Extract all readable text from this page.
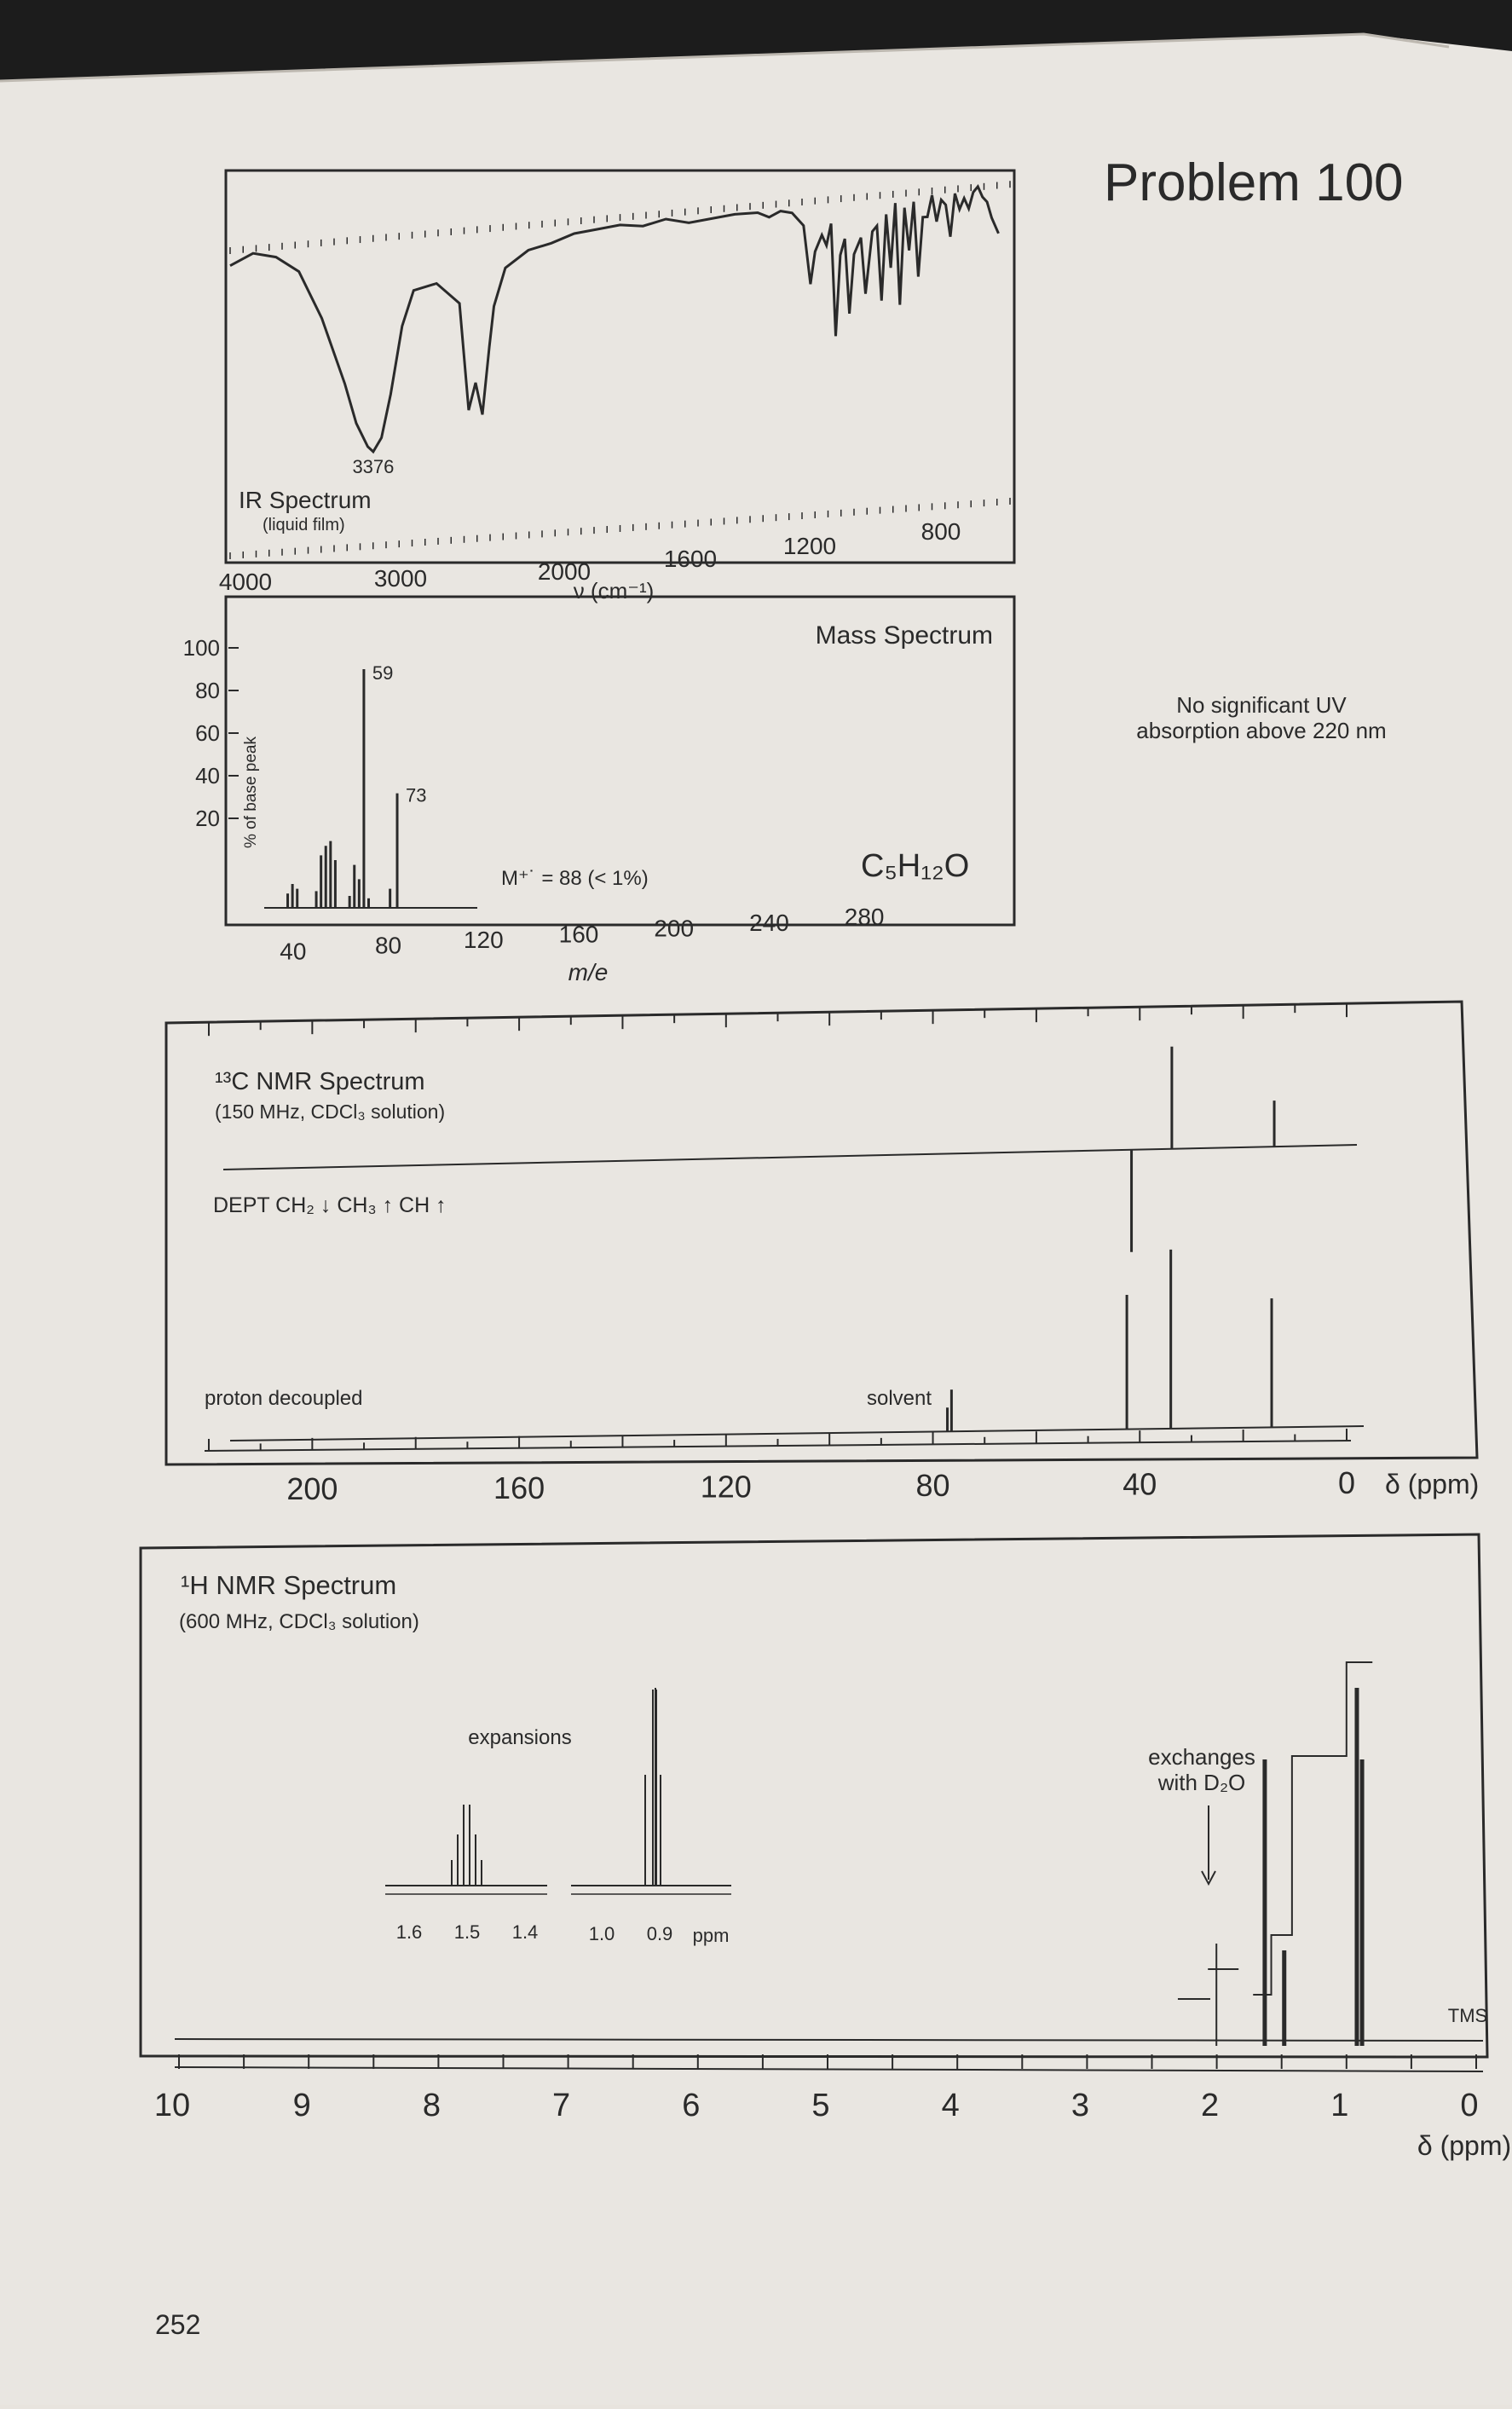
Problem 100
No significant UV
absorption above 220 nm
3376
IR Spectrum
(liquid film)
4000	3000	2000	1600	1200
800
ν (cm⁻¹)
Mass Spectrum
% of base peak
100
80
60
40
20
40	80	120 160 200 240 280
59
73
M⁺˙ = 88 (< 1%)	C₅H₁₂O
m/e
¹³C NMR Spectrum
(150 MHz, CDCl₃ solution)
DEPT CH₂ ↓ CH₃ ↑ CH ↑
proton decoupled	solvent
200	160	120	80	40	0 δ (ppm)
¹H NMR Spectrum
(600 MHz, CDCl₃ solution)
expansions
1.6 1.5 1.4	1.0 0.9 ppm
exchanges
with D₂O
TMS
10	9	8	7	6	5	4	3	2	1	0
δ (ppm)
252
